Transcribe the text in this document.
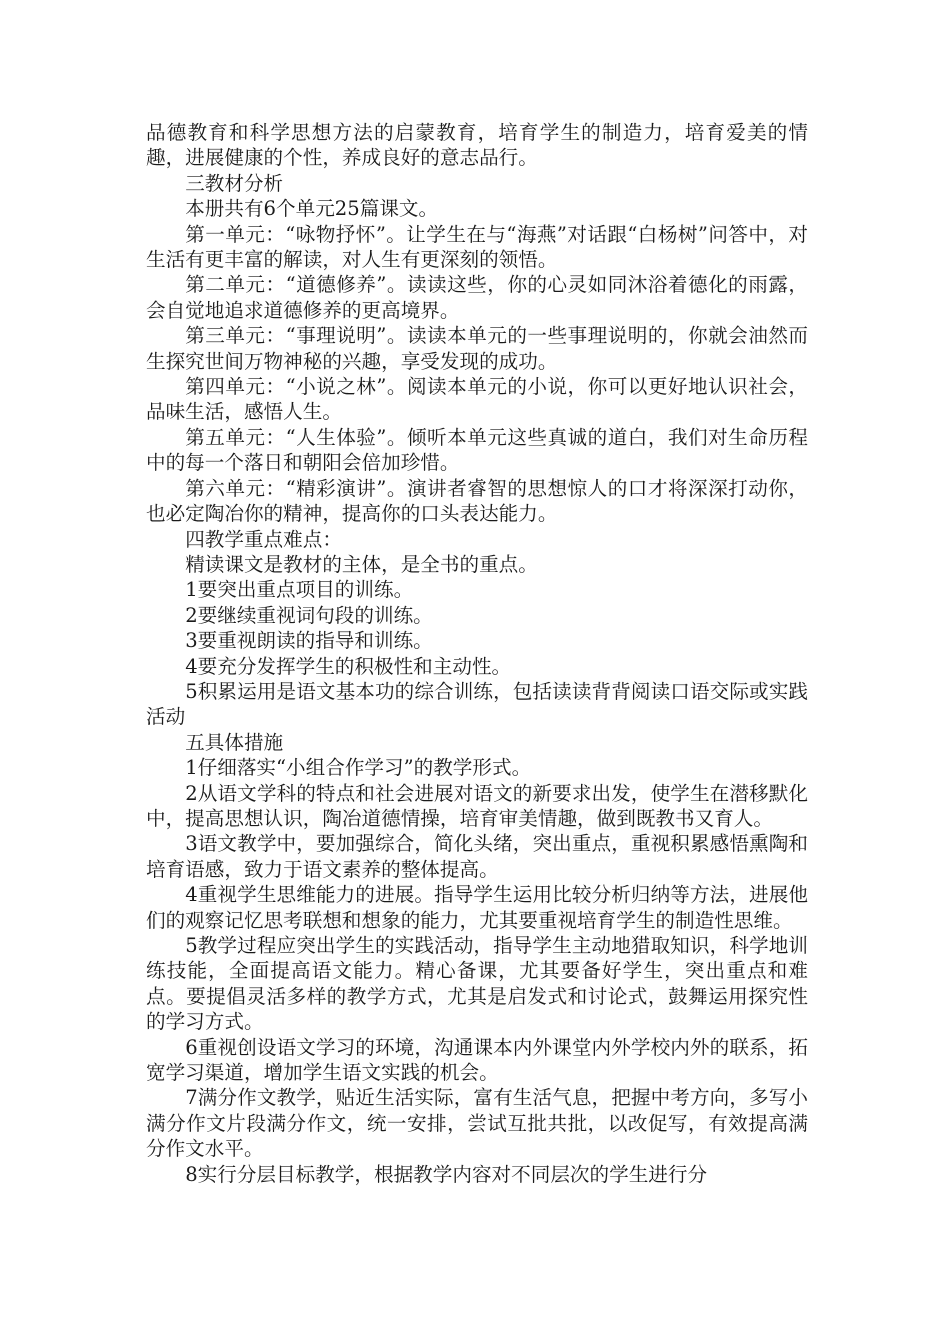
品德教育和科学思想方法的启蒙教育，培育学生的制造力，培育爱美的情趣，进展健康的个性，养成良好的意志品行。

三教材分析

本册共有6个单元25篇课文。

第一单元：“咏物抒怀”。让学生在与“海燕”对话跟“白杨树”问答中，对生活有更丰富的解读，对人生有更深刻的领悟。

第二单元：“道德修养”。读读这些，你的心灵如同沐浴着德化的雨露，会自觉地追求道德修养的更高境界。

第三单元：“事理说明”。读读本单元的一些事理说明的，你就会油然而生探究世间万物神秘的兴趣，享受发现的成功。

第四单元：“小说之林”。阅读本单元的小说，你可以更好地认识社会，品味生活，感悟人生。

第五单元：“人生体验”。倾听本单元这些真诚的道白，我们对生命历程中的每一个落日和朝阳会倍加珍惜。

第六单元：“精彩演讲”。演讲者睿智的思想惊人的口才将深深打动你，也必定陶冶你的精神，提高你的口头表达能力。

四教学重点难点：

精读课文是教材的主体，是全书的重点。

1要突出重点项目的训练。

2要继续重视词句段的训练。

3要重视朗读的指导和训练。

4要充分发挥学生的积极性和主动性。

5积累运用是语文基本功的综合训练，包括读读背背阅读口语交际或实践活动

五具体措施

1仔细落实“小组合作学习”的教学形式。

2从语文学科的特点和社会进展对语文的新要求出发，使学生在潜移默化中，提高思想认识，陶冶道德情操，培育审美情趣，做到既教书又育人。

3语文教学中，要加强综合，简化头绪，突出重点，重视积累感悟熏陶和培育语感，致力于语文素养的整体提高。

4重视学生思维能力的进展。指导学生运用比较分析归纳等方法，进展他们的观察记忆思考联想和想象的能力，尤其要重视培育学生的制造性思维。

5教学过程应突出学生的实践活动，指导学生主动地猎取知识，科学地训练技能，全面提高语文能力。精心备课，尤其要备好学生，突出重点和难点。要提倡灵活多样的教学方式，尤其是启发式和讨论式，鼓舞运用探究性的学习方式。

6重视创设语文学习的环境，沟通课本内外课堂内外学校内外的联系，拓宽学习渠道，增加学生语文实践的机会。

7满分作文教学，贴近生活实际，富有生活气息，把握中考方向，多写小满分作文片段满分作文，统一安排，尝试互批共批，以改促写，有效提高满分作文水平。

8实行分层目标教学，根据教学内容对不同层次的学生进行分
